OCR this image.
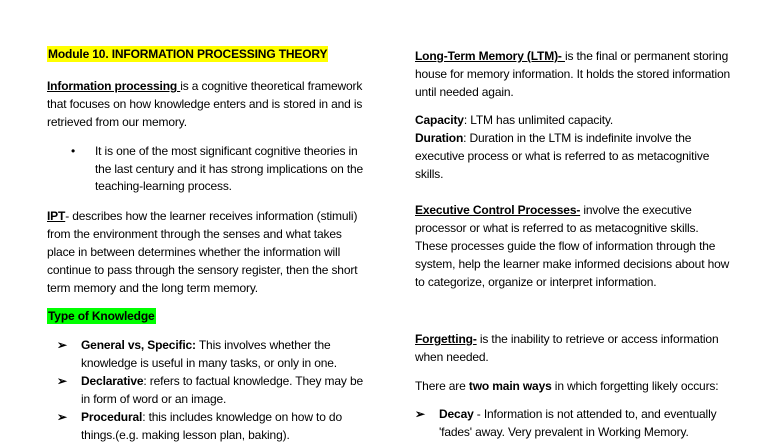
Module 10. INFORMATION PROCESSING THEORY

Information processing is a cognitive theoretical framework

that focuses on how knowledge enters and is stored in and is

retrieved from our memory.

•	It is one of the most significant cognitive theories in

the last century and it has strong implications on the

teaching-learning process.

IPT- describes how the learner receives information (stimuli)

from the environment through the senses and what takes

place in between determines whether the information will

continue to pass through the sensory register, then the short

term memory and the long term memory.

Type of Knowledge

➢	General vs, Specific: This involves whether the

knowledge is useful in many tasks, or only in one.

➢	Declarative: refers to factual knowledge. They may be

in form of word or an image.

➢	Procedural: this includes knowledge on how to do

things.(e.g. making lesson plan, baking).

Long-Term Memory (LTM)- is the final or permanent storing

house for memory information. It holds the stored information

until needed again.

Capacity: LTM has unlimited capacity.

Duration: Duration in the LTM is indefinite involve the

executive process or what is referred to as metacognitive

skills.

Executive Control Processes- involve the executive

processor or what is referred to as metacognitive skills.

These processes guide the flow of information through the

system, help the learner make informed decisions about how

to categorize, organize or interpret information.

Forgetting- is the inability to retrieve or access information

when needed.

There are two main ways in which forgetting likely occurs:

➢	Decay - Information is not attended to, and eventually

'fades' away. Very prevalent in Working Memory.
